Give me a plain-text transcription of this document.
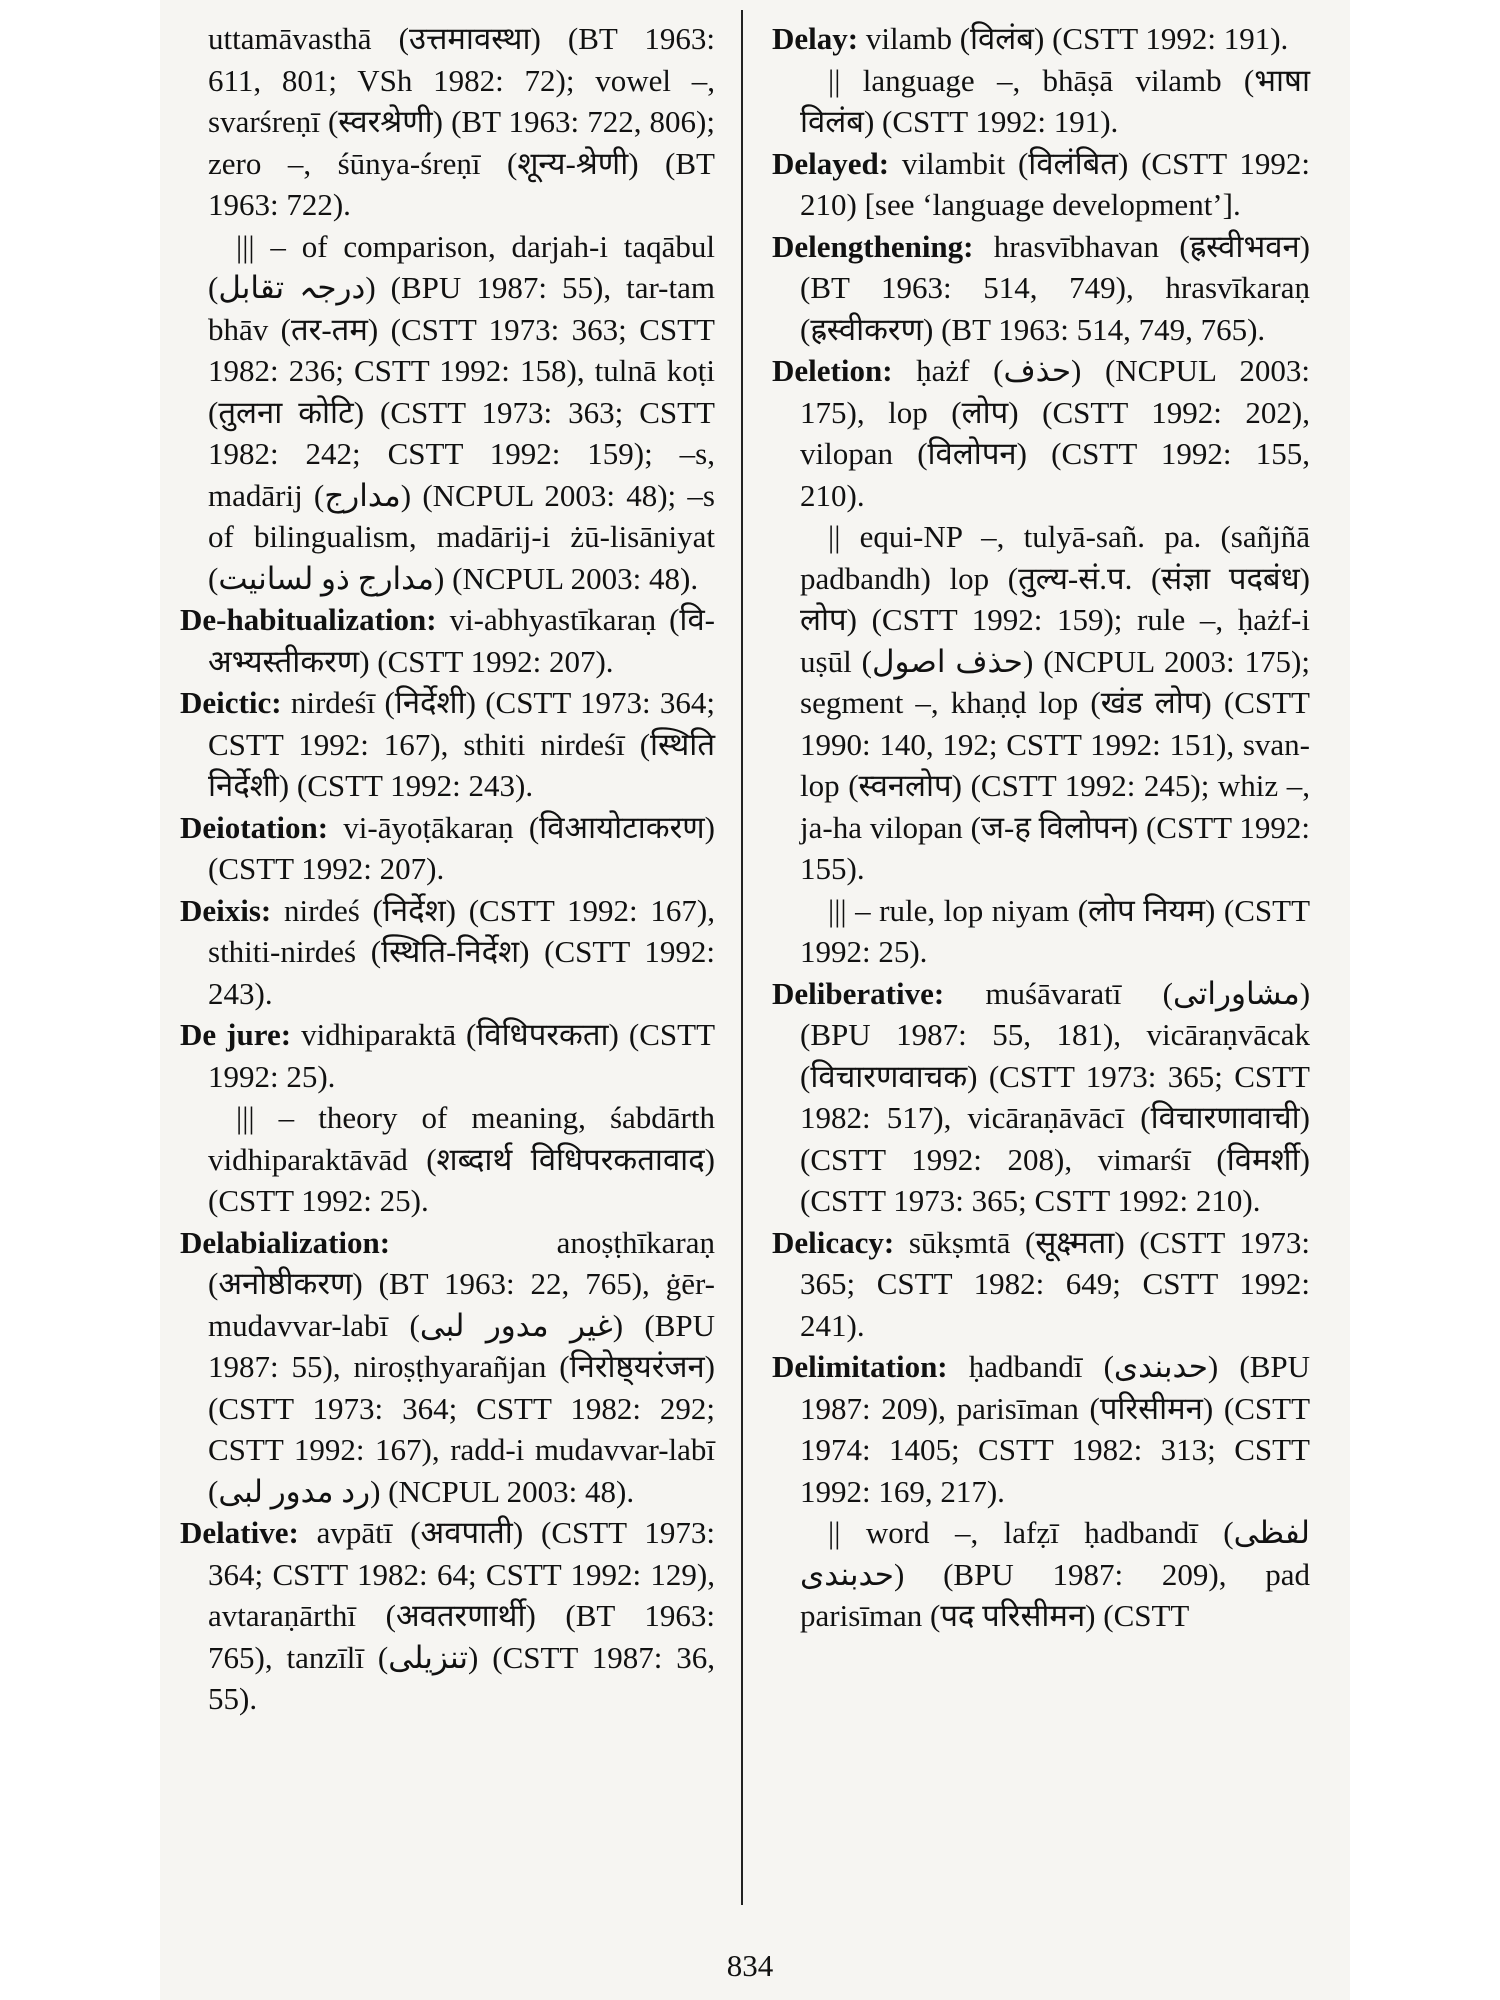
uttamāvasthā (उत्तमावस्था) (BT 1963: 611, 801; VSh 1982: 72); vowel –, svarśreṇī (स्वरश्रेणी) (BT 1963: 722, 806); zero –, śūnya-śreṇī (शून्य-श्रेणी) (BT 1963: 722).

||| – of comparison, darjah-i taqābul (درجہ تقابل) (BPU 1987: 55), tar-tam bhāv (तर-तम) (CSTT 1973: 363; CSTT 1982: 236; CSTT 1992: 158), tulnā koṭi (तुलना कोटि) (CSTT 1973: 363; CSTT 1982: 242; CSTT 1992: 159); –s, madārij (مدارج) (NCPUL 2003: 48); –s of bilingualism, madārij-i żū-lisāniyat (مدارج ذو لسانیت) (NCPUL 2003: 48).

De-habitualization: vi-abhyastīkaraṇ (वि-अभ्यस्तीकरण) (CSTT 1992: 207).

Deictic: nirdeśī (निर्देशी) (CSTT 1973: 364; CSTT 1992: 167), sthiti nirdeśī (स्थिति निर्देशी) (CSTT 1992: 243).

Deiotation: vi-āyoṭākaraṇ (विआयोटाकरण) (CSTT 1992: 207).

Deixis: nirdeś (निर्देश) (CSTT 1992: 167), sthiti-nirdeś (स्थिति-निर्देश) (CSTT 1992: 243).

De jure: vidhiparaktā (विधिपरकता) (CSTT 1992: 25).

||| – theory of meaning, śabdārth vidhiparaktāvād (शब्दार्थ विधिपरकतावाद) (CSTT 1992: 25).

Delabialization:	anoṣṭhīkaraṇ (अनोष्ठीकरण) (BT 1963: 22, 765), ġēr-mudavvar-labī (غیر مدور لبی) (BPU 1987: 55), niroṣṭhyarañjan (निरोष्ठ्यरंजन) (CSTT 1973: 364; CSTT 1982: 292; CSTT 1992: 167), radd-i mudavvar-labī (رد مدور لبی) (NCPUL 2003: 48).

Delative: avpātī (अवपाती) (CSTT 1973: 364; CSTT 1982: 64; CSTT 1992: 129), avtaraṇārthī (अवतरणार्थी) (BT 1963: 765), tanzīlī (تنزیلی) (CSTT 1987: 36, 55).

Delay: vilamb (विलंब) (CSTT 1992: 191).

|| language –, bhāṣā vilamb (भाषा विलंब) (CSTT 1992: 191).

Delayed: vilambit (विलंबित) (CSTT 1992: 210) [see ‘language development’].

Delengthening: hrasvībhavan (ह्रस्वीभवन) (BT 1963: 514, 749), hrasvīkaraṇ (ह्रस्वीकरण) (BT 1963: 514, 749, 765).

Deletion: ḥażf (حذف) (NCPUL 2003: 175), lop (लोप) (CSTT 1992: 202), vilopan (विलोपन) (CSTT 1992: 155, 210).

|| equi-NP –, tulyā-sañ. pa. (sañjñā padbandh) lop (तुल्य-सं.प. (संज्ञा पदबंध) लोप) (CSTT 1992: 159); rule –, ḥażf-i uṣūl (حذف اصول) (NCPUL 2003: 175); segment –, khaṇḍ lop (खंड लोप) (CSTT 1990: 140, 192; CSTT 1992: 151), svan-lop (स्वनलोप) (CSTT 1992: 245); whiz –, ja-ha vilopan (ज-ह विलोपन) (CSTT 1992: 155).

||| – rule, lop niyam (लोप नियम) (CSTT 1992: 25).

Deliberative: muśāvaratī (مشاوراتی) (BPU 1987: 55, 181), vicāraṇvācak (विचारणवाचक) (CSTT 1973: 365; CSTT 1982: 517), vicāraṇāvācī (विचारणावाची) (CSTT 1992: 208), vimarśī (विमर्शी) (CSTT 1973: 365; CSTT 1992: 210).

Delicacy: sūkṣmtā (सूक्ष्मता) (CSTT 1973: 365; CSTT 1982: 649; CSTT 1992: 241).

Delimitation: ḥadbandī (حدبندی) (BPU 1987: 209), parisīman (परिसीमन) (CSTT 1974: 1405; CSTT 1982: 313; CSTT 1992: 169, 217).

|| word –, lafẓī ḥadbandī (لفظی حدبندی) (BPU 1987: 209), pad parisīman (पद परिसीमन) (CSTT

834
